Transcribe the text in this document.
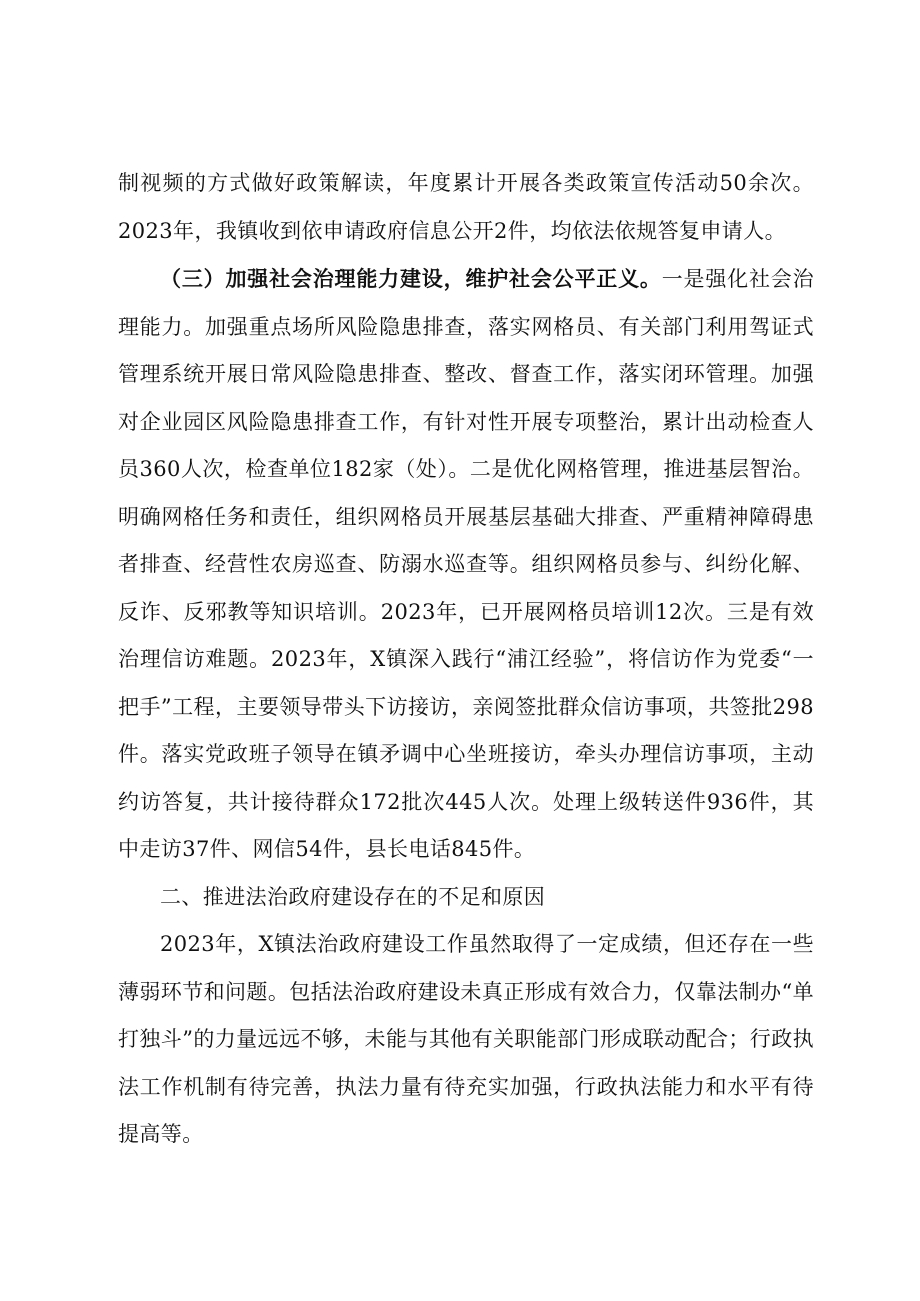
制视频的方式做好政策解读，年度累计开展各类政策宣传活动50余次。2023年，我镇收到依申请政府信息公开2件，均依法依规答复申请人。

（三）加强社会治理能力建设，维护社会公平正义。一是强化社会治理能力。加强重点场所风险隐患排查，落实网格员、有关部门利用驾证式管理系统开展日常风险隐患排查、整改、督查工作，落实闭环管理。加强对企业园区风险隐患排查工作，有针对性开展专项整治，累计出动检查人员360人次，检查单位182家（处）。二是优化网格管理，推进基层智治。明确网格任务和责任，组织网格员开展基层基础大排查、严重精神障碍患者排查、经营性农房巡查、防溺水巡查等。组织网格员参与、纠纷化解、反诈、反邪教等知识培训。2023年，已开展网格员培训12次。三是有效治理信访难题。2023年，X镇深入践行“浦江经验”，将信访作为党委“一把手”工程，主要领导带头下访接访，亲阅签批群众信访事项，共签批298件。落实党政班子领导在镇矛调中心坐班接访，牵头办理信访事项，主动约访答复，共计接待群众172批次445人次。处理上级转送件936件，其中走访37件、网信54件，县长电话845件。

二、推进法治政府建设存在的不足和原因

2023年，X镇法治政府建设工作虽然取得了一定成绩，但还存在一些薄弱环节和问题。包括法治政府建设未真正形成有效合力，仅靠法制办“单打独斗”的力量远远不够，未能与其他有关职能部门形成联动配合；行政执法工作机制有待完善，执法力量有待充实加强，行政执法能力和水平有待提高等。
